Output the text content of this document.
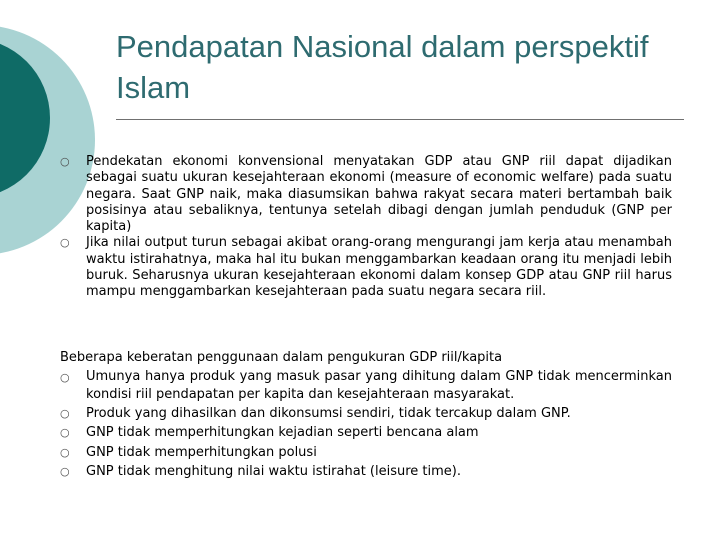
Pendapatan Nasional dalam perspektif Islam
○ Pendekatan ekonomi konvensional menyatakan GDP atau GNP riil dapat dijadikan sebagai suatu ukuran kesejahteraan ekonomi (measure of economic welfare) pada suatu negara. Saat GNP naik, maka diasumsikan bahwa rakyat secara materi bertambah baik posisinya atau sebaliknya, tentunya setelah dibagi dengan jumlah penduduk (GNP per kapita)
○ Jika nilai output turun sebagai akibat orang-orang mengurangi jam kerja atau menambah waktu istirahatnya, maka hal itu bukan menggambarkan keadaan orang itu menjadi lebih buruk. Seharusnya ukuran kesejahteraan ekonomi dalam konsep GDP atau GNP riil harus mampu menggambarkan kesejahteraan pada suatu negara secara riil.

Beberapa keberatan penggunaan dalam pengukuran GDP riil/kapita

○ Umunya hanya produk yang masuk pasar yang dihitung dalam GNP tidak mencerminkan kondisi riil pendapatan per kapita dan kesejahteraan masyarakat.
○ Produk yang dihasilkan dan dikonsumsi sendiri, tidak tercakup dalam GNP.
○ GNP tidak memperhitungkan kejadian seperti bencana alam
○ GNP tidak memperhitungkan polusi
○ GNP tidak menghitung nilai waktu istirahat (leisure time).
